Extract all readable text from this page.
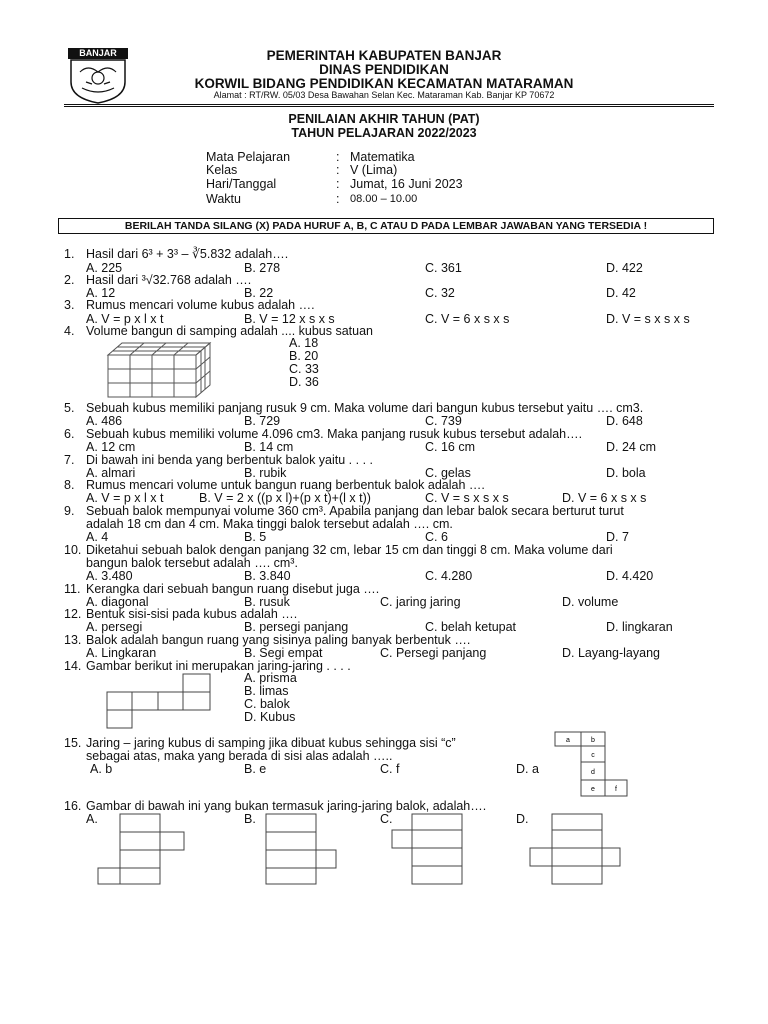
BANJAR	PEMERINTAH KABUPATEN BANJAR
DINAS PENDIDIKAN
KORWIL BIDANG PENDIDIKAN KECAMATAN MATARAMAN
Alamat : RT/RW. 05/03 Desa Bawahan Selan Kec. Mataraman Kab. Banjar KP 70672
PENILAIAN AKHIR TAHUN (PAT)
TAHUN PELAJARAN 2022/2023
Mata Pelajaran	: Matematika
Kelas	: V (Lima)
Hari/Tanggal	: Jumat, 16 Juni 2023
Waktu	: 08.00 – 10.00
BERILAH TANDA SILANG (X) PADA HURUF A, B, C ATAU D PADA LEMBAR JAWABAN YANG TERSEDIA !
1. Hasil dari 6³ + 3³ – ∛5.832 adalah….
A. 225	B. 278	C. 361	D. 422
2. Hasil dari ³√32.768 adalah ….
A. 12	B. 22	C. 32	D. 42
3. Rumus mencari volume kubus adalah ….
A. V = p x l x t	B. V = 12 x s x s	C. V = 6 x s x s	D. V = s x s x s
4. Volume bangun di samping adalah .... kubus satuan
A. 18
B. 20
C. 33
D. 36
5. Sebuah kubus memiliki panjang rusuk 9 cm. Maka volume dari bangun kubus tersebut yaitu …. cm3.
A. 486	B. 729	C. 739	D. 648
6. Sebuah kubus memiliki volume 4.096 cm3. Maka panjang rusuk kubus tersebut adalah….
A. 12 cm	B. 14 cm	C. 16 cm	D. 24 cm
7. Di bawah ini benda yang berbentuk balok yaitu . . . .
A. almari	B. rubik	C. gelas	D. bola
8. Rumus mencari volume untuk bangun ruang berbentuk balok adalah ….
A. V = p x l x t	B. V = 2 x ((p x l)+(p x t)+(l x t))	C. V = s x s x s	D. V = 6 x s x s
9. Sebuah balok mempunyai volume 360 cm³. Apabila panjang dan lebar balok secara berturut turut
adalah 18 cm dan 4 cm. Maka tinggi balok tersebut adalah …. cm.
A. 4	B. 5	C. 6	D. 7
10. Diketahui sebuah balok dengan panjang 32 cm, lebar 15 cm dan tinggi 8 cm. Maka volume dari
bangun balok tersebut adalah …. cm³.
A. 3.480	B. 3.840	C. 4.280	D. 4.420
11. Kerangka dari sebuah bangun ruang disebut juga ….
A. diagonal	B. rusuk	C. jaring jaring	D. volume
12. Bentuk sisi-sisi pada kubus adalah ….
A. persegi	B. persegi panjang	C. belah ketupat	D. lingkaran
13. Balok adalah bangun ruang yang sisinya paling banyak berbentuk ….
A. Lingkaran	B. Segi empat	C. Persegi panjang	D. Layang-layang
14. Gambar berikut ini merupakan jaring-jaring . . . .
A. prisma
B. limas
C. balok
D. Kubus
15. Jaring – jaring kubus di samping jika dibuat kubus sehingga sisi “c”
sebagai atas, maka yang berada di sisi alas adalah …..
A. b	B. e	C. f	D. a
a	b
c
d
e	f
16. Gambar di bawah ini yang bukan termasuk jaring-jaring balok, adalah….
A.	B.	C.	D.
